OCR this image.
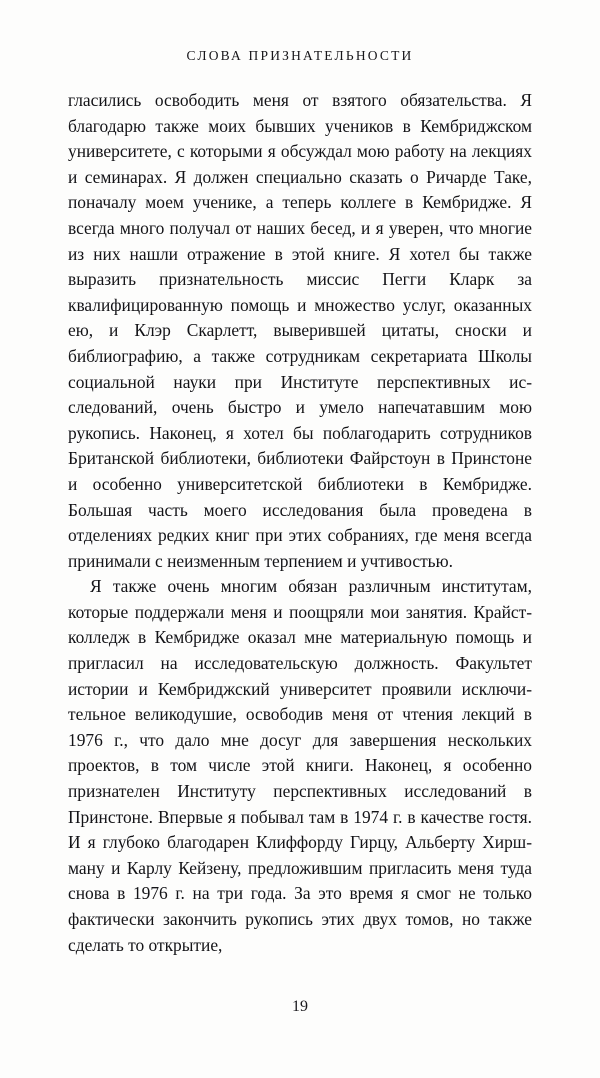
СЛОВА ПРИЗНАТЕЛЬНОСТИ

гласились освободить меня от взятого обязательства. Я благодарю также моих бывших учеников в Кембриджском университете, с которыми я обсуждал мою работу на лекциях и семинарах. Я должен специально сказать о Ричарде Таке, поначалу моем ученике, а теперь коллеге в Кембридже. Я всегда много получал от наших бесед, и я уверен, что многие из них нашли отражение в этой книге. Я хотел бы также выразить признательность миссис Пегги Кларк за квалифицированную помощь и множество услуг, оказанных ею, и Клэр Скарлетт, выверившей цитаты, сноски и библиографию, а также сотрудникам секретариата Школы социальной науки при Институте перспективных исследований, очень быстро и умело напечатавшим мою рукопись. Наконец, я хотел бы поблагодарить сотрудников Британской библиотеки, библиотеки Файрстоун в Принстоне и особенно университетской библиотеки в Кембридже. Большая часть моего исследования была проведена в отделениях редких книг при этих собраниях, где меня всегда принимали с неизменным терпением и учтивостью.

Я также очень многим обязан различным институтам, которые поддержали меня и поощряли мои занятия. Крайст-колледж в Кембридже оказал мне материальную помощь и пригласил на исследовательскую должность. Факультет истории и Кембриджский университет проявили исключительное великодушие, освободив меня от чтения лекций в 1976 г., что дало мне досуг для завершения нескольких проектов, в том числе этой книги. Наконец, я особенно признателен Институту перспективных исследований в Принстоне. Впервые я побывал там в 1974 г. в качестве гостя. И я глубоко благодарен Клиффорду Гирцу, Альберту Хиршману и Карлу Кейзену, предложившим пригласить меня туда снова в 1976 г. на три года. За это время я смог не только фактически закончить рукопись этих двух томов, но также сделать то открытие,

19
